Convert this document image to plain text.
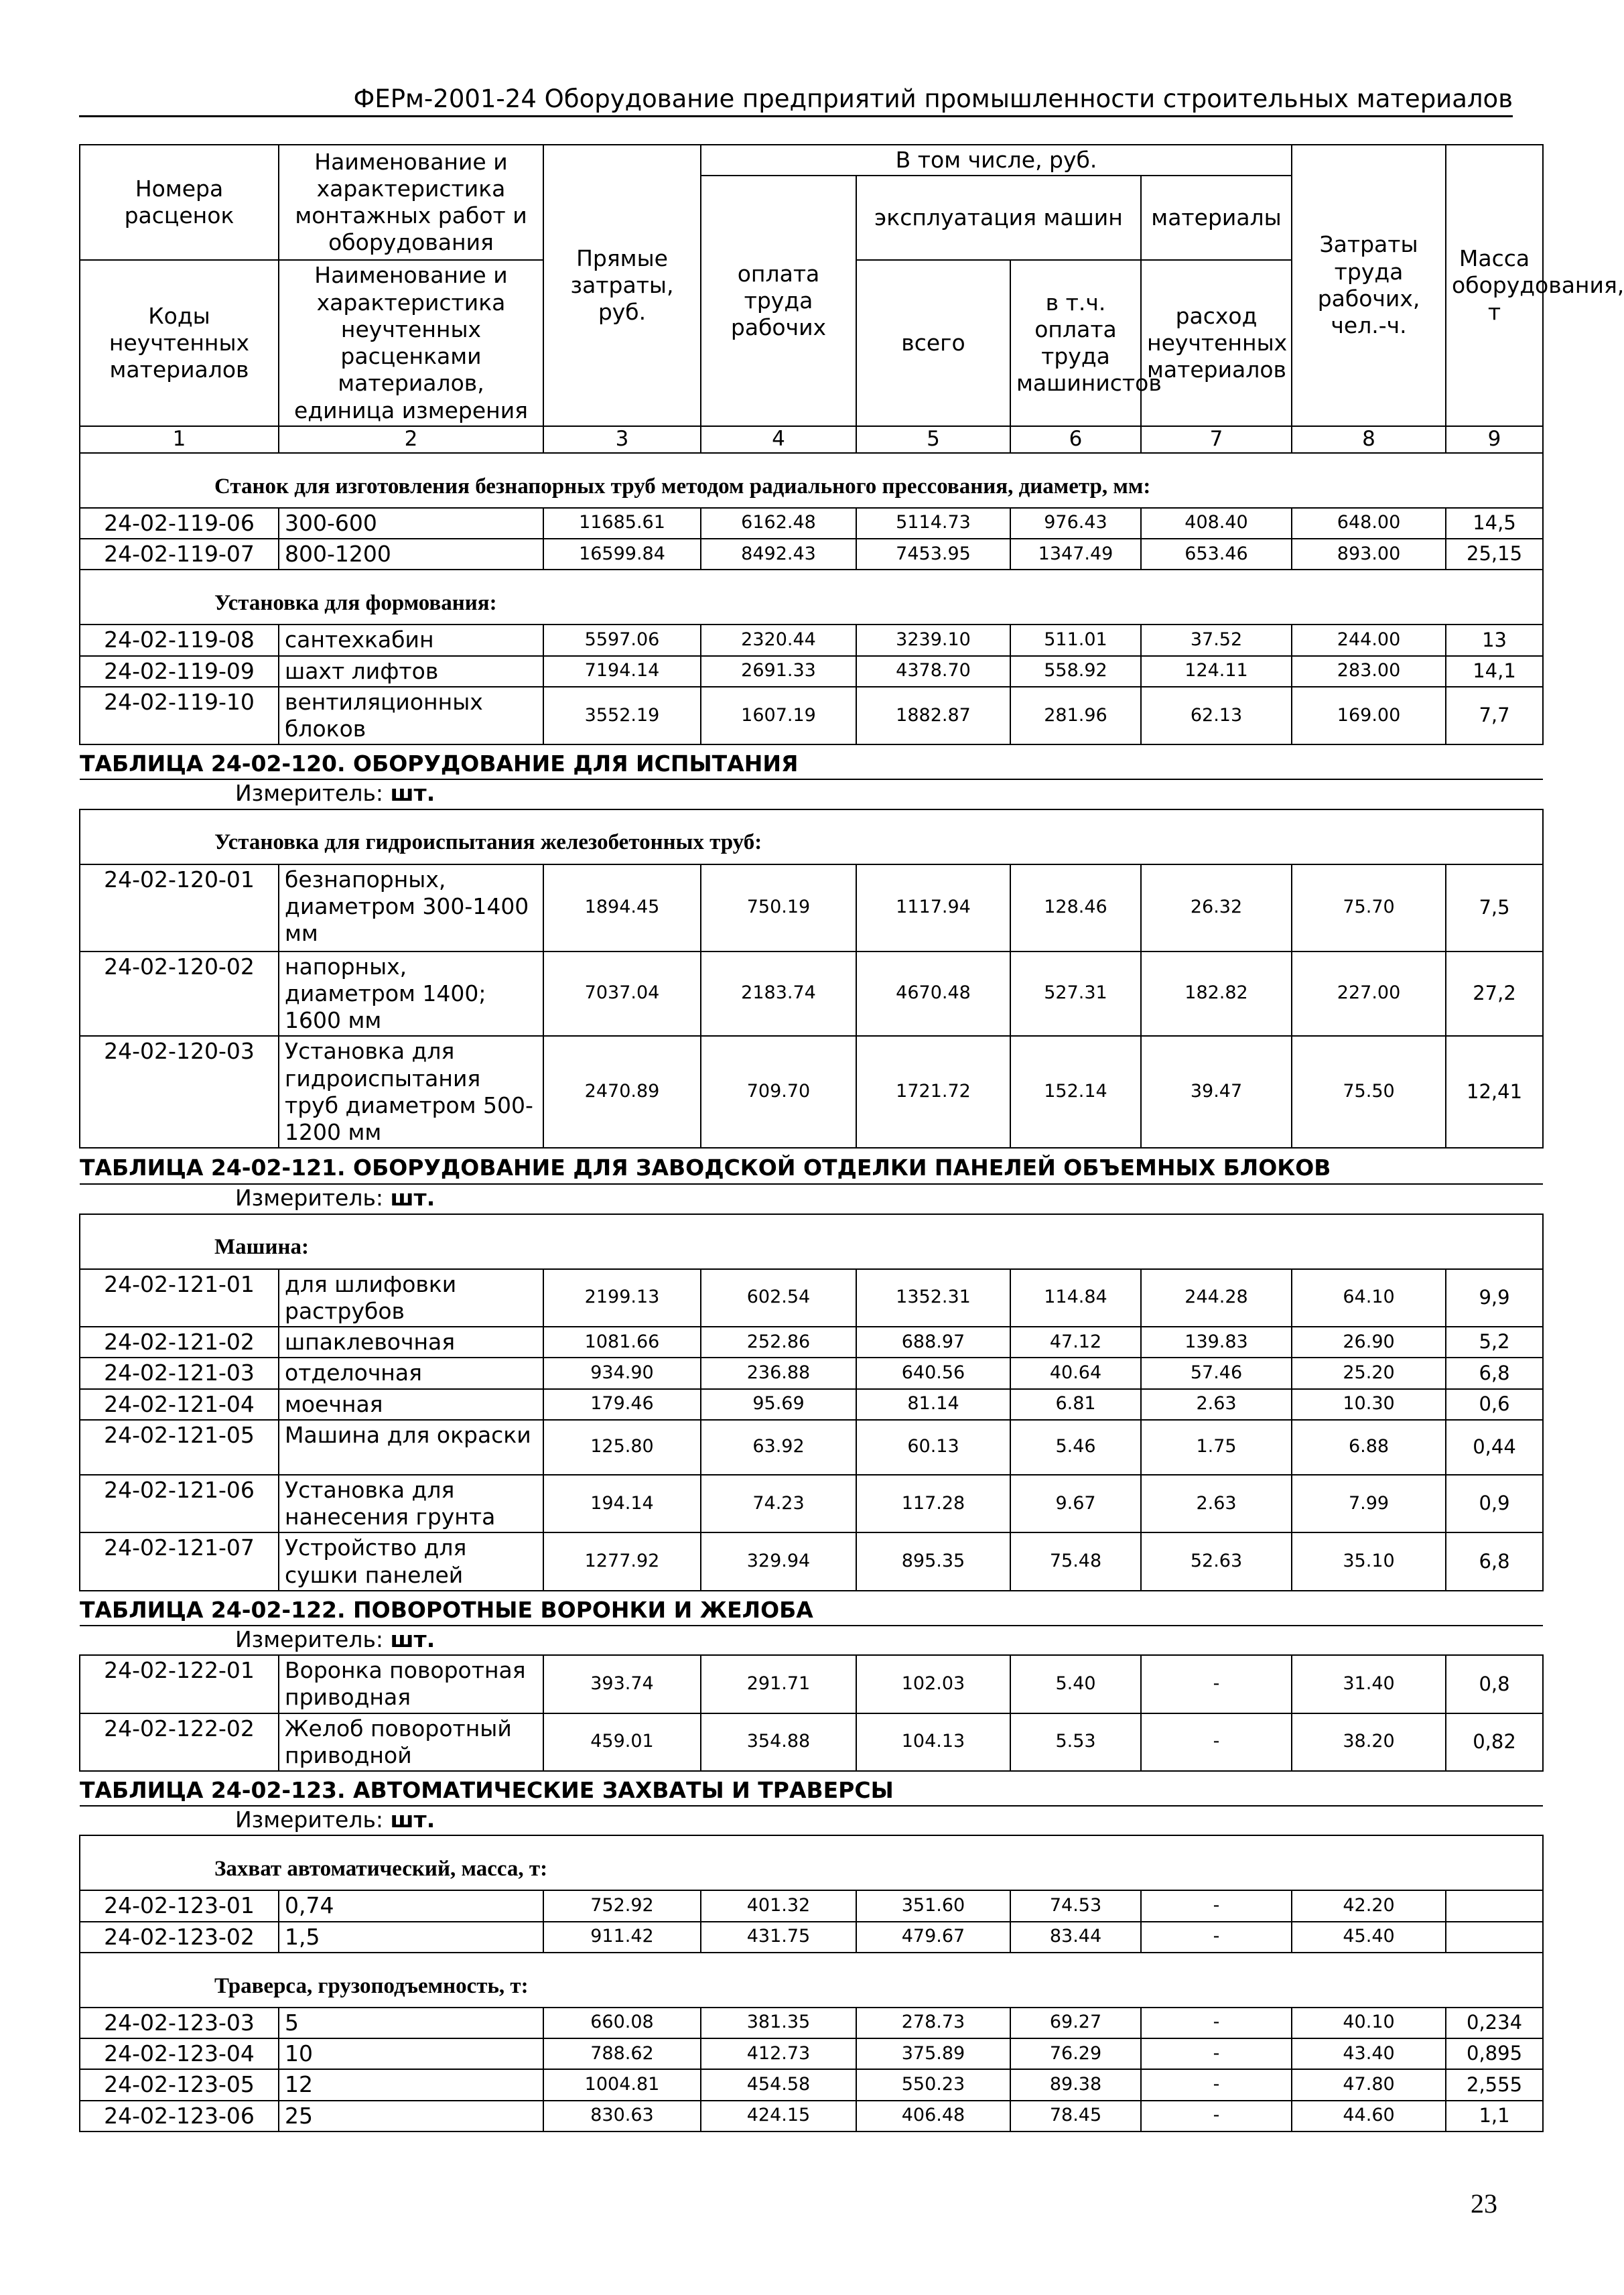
ФЕРм-2001-24 Оборудование предприятий промышленности строительных материалов
Номера расценок	Наименование и характеристика монтажных работ и оборудования	Прямые затраты, руб.	В том числе, руб.				Затраты труда рабочих, чел.-ч.	Масса оборудования, т
			оплата труда рабочих	эксплуатация машин		материалы		
Коды неучтенных материалов	Наименование и характеристика неучтенных расценками материалов, единица измерения			всего	в т.ч. оплата труда машинистов	расход неучтенных материалов		

1	2	3	4	5	6	7	8	9
Станок для изготовления безнапорных труб методом радиального прессования, диаметр, мм:								
24-02-119-06	300-600	11685.61	6162.48	5114.73	976.43	408.40	648.00	14,5
24-02-119-07	800-1200	16599.84	8492.43	7453.95	1347.49	653.46	893.00	25,15
Установка для формования:								
24-02-119-08	сантехкабин	5597.06	2320.44	3239.10	511.01	37.52	244.00	13
24-02-119-09	шахт лифтов	7194.14	2691.33	4378.70	558.92	124.11	283.00	14,1
24-02-119-10	вентиляционных блоков	3552.19	1607.19	1882.87	281.96	62.13	169.00	7,7
ТАБЛИЦА 24-02-120. ОБОРУДОВАНИЕ ДЛЯ ИСПЫТАНИЯ								
Измеритель: шт.								
Установка для гидроиспытания железобетонных труб:								
24-02-120-01	безнапорных, диаметром 300-1400 мм	1894.45	750.19	1117.94	128.46	26.32	75.70	7,5
24-02-120-02	напорных, диаметром 1400; 1600 мм	7037.04	2183.74	4670.48	527.31	182.82	227.00	27,2
24-02-120-03	Установка для гидроиспытания труб диаметром 500-1200 мм	2470.89	709.70	1721.72	152.14	39.47	75.50	12,41
ТАБЛИЦА 24-02-121. ОБОРУДОВАНИЕ ДЛЯ ЗАВОДСКОЙ ОТДЕЛКИ ПАНЕЛЕЙ ОБЪЕМНЫХ БЛОКОВ								
Измеритель: шт.								
Машина:								
24-02-121-01	для шлифовки раструбов	2199.13	602.54	1352.31	114.84	244.28	64.10	9,9
24-02-121-02	шпаклевочная	1081.66	252.86	688.97	47.12	139.83	26.90	5,2
24-02-121-03	отделочная	934.90	236.88	640.56	40.64	57.46	25.20	6,8
24-02-121-04	моечная	179.46	95.69	81.14	6.81	2.63	10.30	0,6
24-02-121-05	Машина для окраски	125.80	63.92	60.13	5.46	1.75	6.88	0,44
24-02-121-06	Установка для нанесения грунта	194.14	74.23	117.28	9.67	2.63	7.99	0,9
24-02-121-07	Устройство для сушки панелей	1277.92	329.94	895.35	75.48	52.63	35.10	6,8
ТАБЛИЦА 24-02-122. ПОВОРОТНЫЕ ВОРОНКИ И ЖЕЛОБА								
Измеритель: шт.								
24-02-122-01	Воронка поворотная приводная	393.74	291.71	102.03	5.40	-	31.40	0,8
24-02-122-02	Желоб поворотный приводной	459.01	354.88	104.13	5.53	-	38.20	0,82
ТАБЛИЦА 24-02-123. АВТОМАТИЧЕСКИЕ ЗАХВАТЫ И ТРАВЕРСЫ								
Измеритель: шт.								
Захват автоматический, масса, т:								
24-02-123-01	0,74	752.92	401.32	351.60	74.53	-	42.20	
24-02-123-02	1,5	911.42	431.75	479.67	83.44	-	45.40	
Траверса, грузоподъемность, т:								
24-02-123-03	5	660.08	381.35	278.73	69.27	-	40.10	0,234
24-02-123-04	10	788.62	412.73	375.89	76.29	-	43.40	0,895
24-02-123-05	12	1004.81	454.58	550.23	89.38	-	47.80	2,555
24-02-123-06	25	830.63	424.15	406.48	78.45	-	44.60	1,1
23
